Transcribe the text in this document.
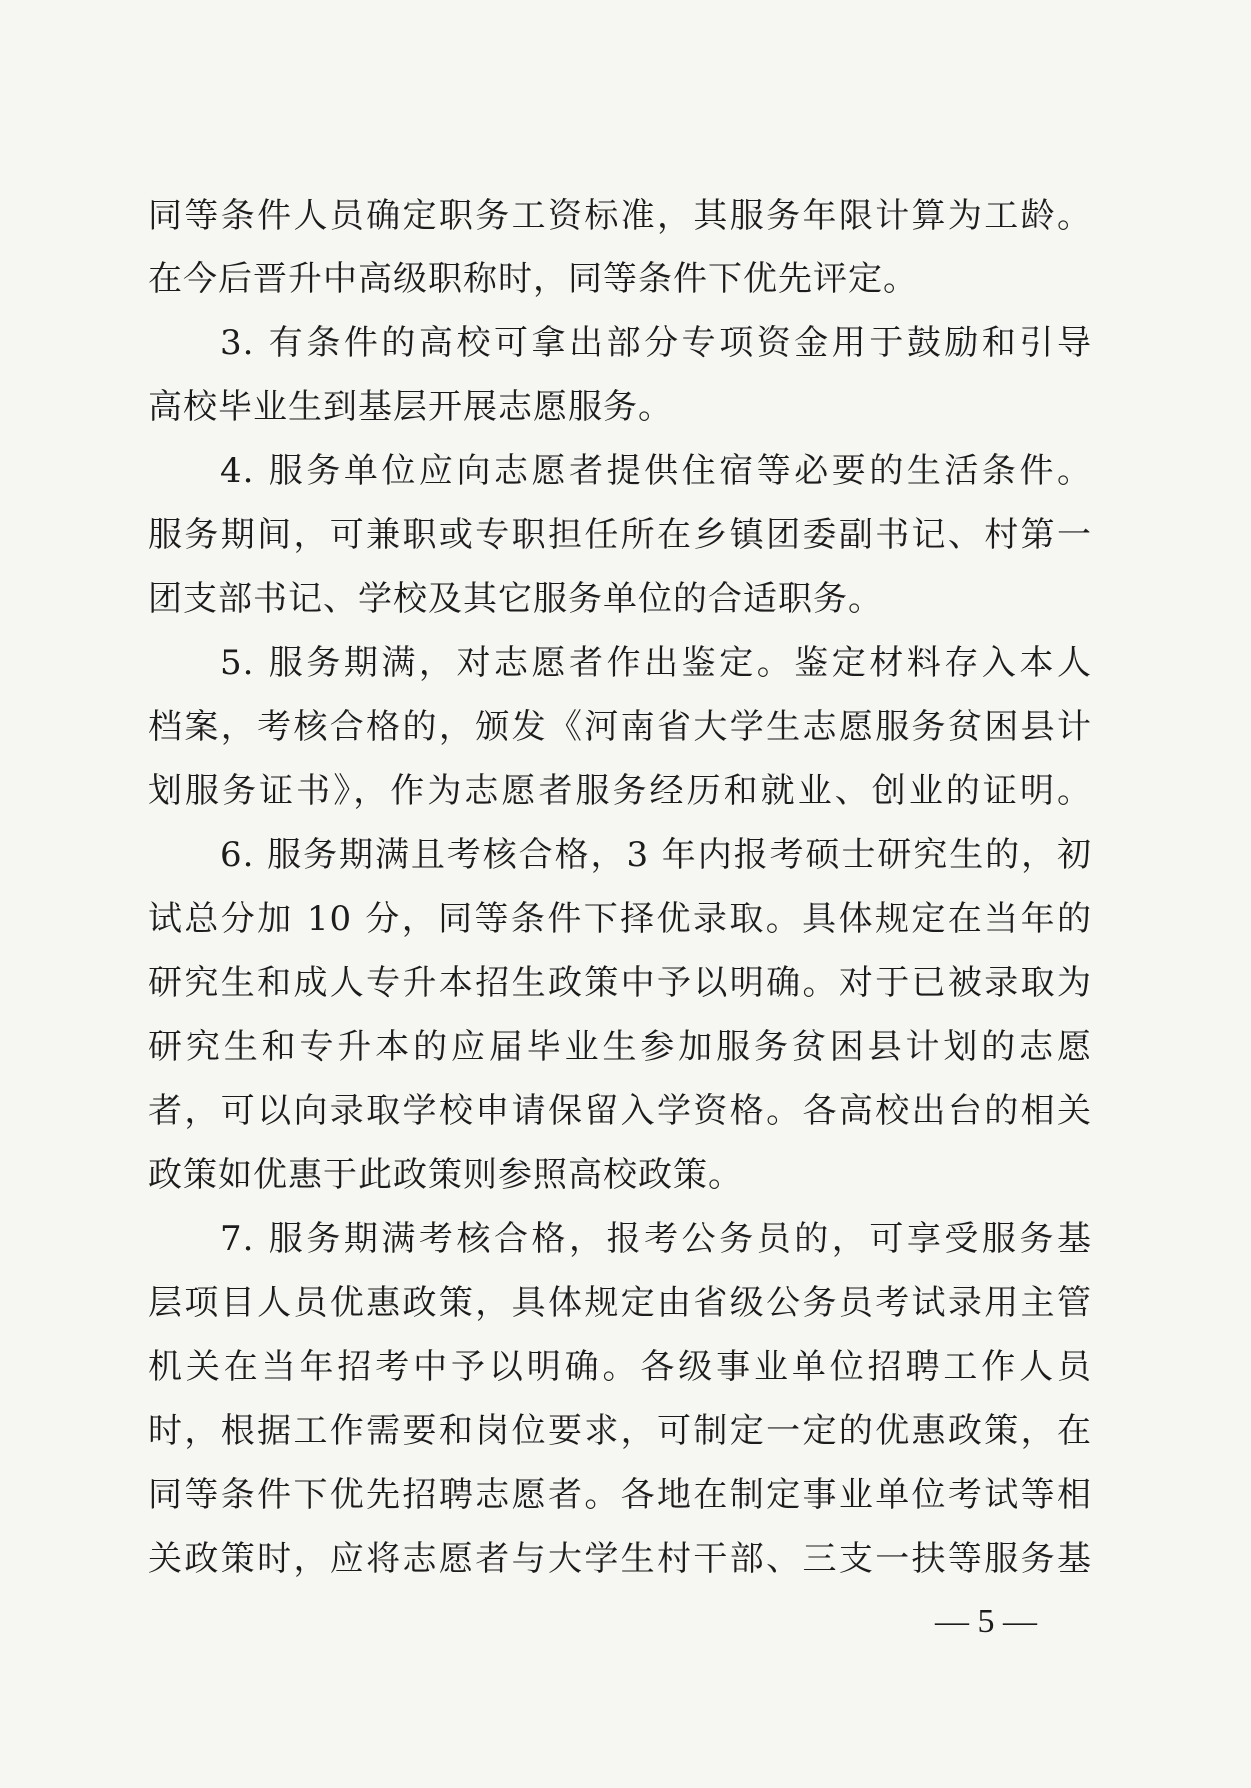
同等条件人员确定职务工资标准，其服务年限计算为工龄。
在今后晋升中高级职称时，同等条件下优先评定。
3. 有条件的高校可拿出部分专项资金用于鼓励和引导
高校毕业生到基层开展志愿服务。
4. 服务单位应向志愿者提供住宿等必要的生活条件。
服务期间，可兼职或专职担任所在乡镇团委副书记、村第一
团支部书记、学校及其它服务单位的合适职务。
5. 服务期满，对志愿者作出鉴定。鉴定材料存入本人
档案，考核合格的，颁发《河南省大学生志愿服务贫困县计
划服务证书》，作为志愿者服务经历和就业、创业的证明。
6. 服务期满且考核合格，3 年内报考硕士研究生的，初
试总分加 10 分，同等条件下择优录取。具体规定在当年的
研究生和成人专升本招生政策中予以明确。对于已被录取为
研究生和专升本的应届毕业生参加服务贫困县计划的志愿
者，可以向录取学校申请保留入学资格。各高校出台的相关
政策如优惠于此政策则参照高校政策。
7. 服务期满考核合格，报考公务员的，可享受服务基
层项目人员优惠政策，具体规定由省级公务员考试录用主管
机关在当年招考中予以明确。各级事业单位招聘工作人员
时，根据工作需要和岗位要求，可制定一定的优惠政策，在
同等条件下优先招聘志愿者。各地在制定事业单位考试等相
关政策时，应将志愿者与大学生村干部、三支一扶等服务基
— 5 —
